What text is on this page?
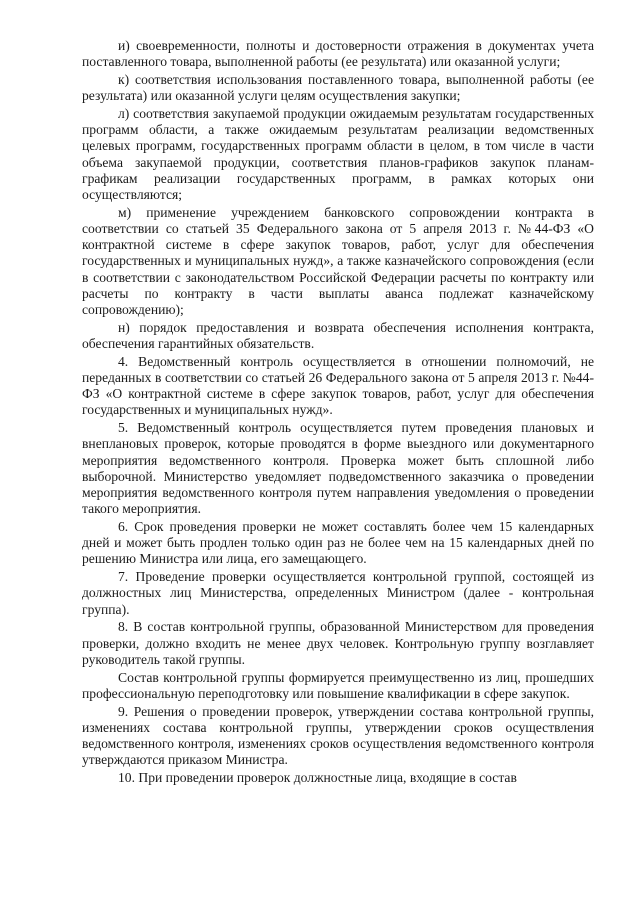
и) своевременности, полноты и достоверности отражения в документах учета поставленного товара, выполненной работы (ее результата) или оказанной услуги;

к) соответствия использования поставленного товара, выполненной работы (ее результата) или оказанной услуги целям осуществления закупки;

л) соответствия закупаемой продукции ожидаемым результатам государственных программ области, а также ожидаемым результатам реализации ведомственных целевых программ, государственных программ области в целом, в том числе в части объема закупаемой продукции, соответствия планов-графиков закупок планам-графикам реализации государственных программ, в рамках которых они осуществляются;

м) применение учреждением банковского сопровождении контракта в соответствии со статьей 35 Федерального закона от 5 апреля 2013 г. №44-ФЗ «О контрактной системе в сфере закупок товаров, работ, услуг для обеспечения государственных и муниципальных нужд», а также казначейского сопровождения (если в соответствии с законодательством Российской Федерации расчеты по контракту или расчеты по контракту в части выплаты аванса подлежат казначейскому сопровождению);

н) порядок предоставления и возврата обеспечения исполнения контракта, обеспечения гарантийных обязательств.

4. Ведомственный контроль осуществляется в отношении полномочий, не переданных в соответствии со статьей 26 Федерального закона от 5 апреля 2013 г. №44-ФЗ «О контрактной системе в сфере закупок товаров, работ, услуг для обеспечения государственных и муниципальных нужд».

5. Ведомственный контроль осуществляется путем проведения плановых и внеплановых проверок, которые проводятся в форме выездного или документарного мероприятия ведомственного контроля. Проверка может быть сплошной либо выборочной. Министерство уведомляет подведомственного заказчика о проведении мероприятия ведомственного контроля путем направления уведомления о проведении такого мероприятия.

6. Срок проведения проверки не может составлять более чем 15 календарных дней и может быть продлен только один раз не более чем на 15 календарных дней по решению Министра или лица, его замещающего.

7. Проведение проверки осуществляется контрольной группой, состоящей из должностных лиц Министерства, определенных Министром (далее - контрольная группа).

8. В состав контрольной группы, образованной Министерством для проведения проверки, должно входить не менее двух человек. Контрольную группу возглавляет руководитель такой группы.

Состав контрольной группы формируется преимущественно из лиц, прошедших профессиональную переподготовку или повышение квалификации в сфере закупок.

9. Решения о проведении проверок, утверждении состава контрольной группы, изменениях состава контрольной группы, утверждении сроков осуществления ведомственного контроля, изменениях сроков осуществления ведомственного контроля утверждаются приказом Министра.

10. При проведении проверок должностные лица, входящие в состав
